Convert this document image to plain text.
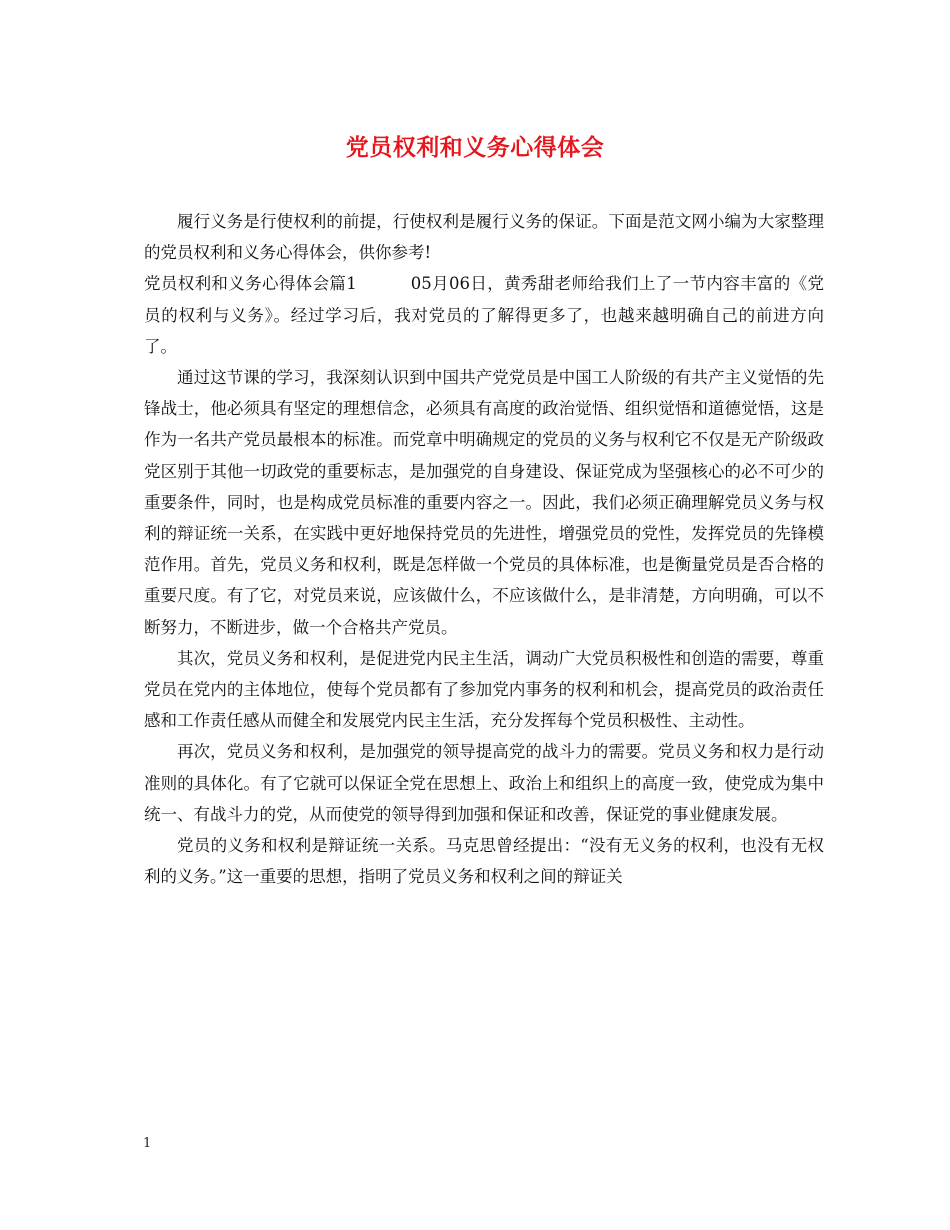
党员权利和义务心得体会

履行义务是行使权利的前提，行使权利是履行义务的保证。下面是范文网小编为大家整理的党员权利和义务心得体会，供你参考!

党员权利和义务心得体会篇1	05月06日，黄秀甜老师给我们上了一节内容丰富的《党员的权利与义务》。经过学习后，我对党员的了解得更多了，也越来越明确自己的前进方向了。

通过这节课的学习，我深刻认识到中国共产党党员是中国工人阶级的有共产主义觉悟的先锋战士，他必须具有坚定的理想信念，必须具有高度的政治觉悟、组织觉悟和道德觉悟，这是作为一名共产党员最根本的标准。而党章中明确规定的党员的义务与权利它不仅是无产阶级政党区别于其他一切政党的重要标志，是加强党的自身建设、保证党成为坚强核心的必不可少的重要条件，同时，也是构成党员标准的重要内容之一。因此，我们必须正确理解党员义务与权利的辩证统一关系，在实践中更好地保持党员的先进性，增强党员的党性，发挥党员的先锋模范作用。首先，党员义务和权利，既是怎样做一个党员的具体标准，也是衡量党员是否合格的重要尺度。有了它，对党员来说，应该做什么，不应该做什么，是非清楚，方向明确，可以不断努力，不断进步，做一个合格共产党员。

其次，党员义务和权利，是促进党内民主生活，调动广大党员积极性和创造的需要，尊重党员在党内的主体地位，使每个党员都有了参加党内事务的权利和机会，提高党员的政治责任感和工作责任感从而健全和发展党内民主生活，充分发挥每个党员积极性、主动性。

再次，党员义务和权利，是加强党的领导提高党的战斗力的需要。党员义务和权力是行动准则的具体化。有了它就可以保证全党在思想上、政治上和组织上的高度一致，使党成为集中统一、有战斗力的党，从而使党的领导得到加强和保证和改善，保证党的事业健康发展。

党员的义务和权利是辩证统一关系。马克思曾经提出：“没有无义务的权利，也没有无权利的义务。”这一重要的思想，指明了党员义务和权利之间的辩证关

1
